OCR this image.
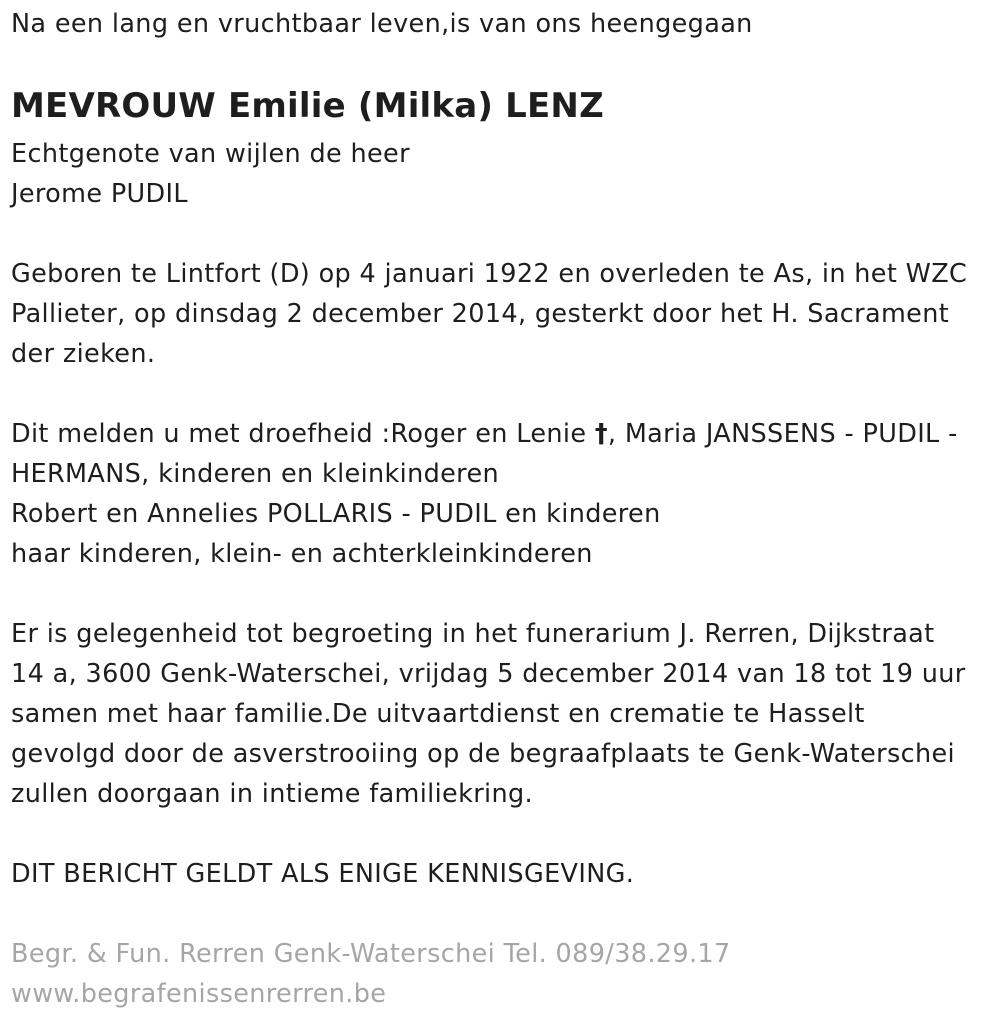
Na een lang en vruchtbaar leven,is van ons heengegaan

MEVROUW Emilie (Milka) LENZ

Echtgenote van wijlen de heer

Jerome PUDIL

Geboren te Lintfort (D) op 4 januari 1922 en overleden te As, in het WZC

Pallieter, op dinsdag 2 december 2014, gesterkt door het H. Sacrament

der zieken.

Dit melden u met droefheid :Roger en Lenie †, Maria JANSSENS - PUDIL -

HERMANS, kinderen en kleinkinderen

Robert en Annelies POLLARIS - PUDIL en kinderen

haar kinderen, klein- en achterkleinkinderen

Er is gelegenheid tot begroeting in het funerarium J. Rerren, Dijkstraat

14 a, 3600 Genk-Waterschei, vrijdag 5 december 2014 van 18 tot 19 uur

samen met haar familie.De uitvaartdienst en crematie te Hasselt

gevolgd door de asverstrooiing op de begraafplaats te Genk-Waterschei

zullen doorgaan in intieme familiekring.

DIT BERICHT GELDT ALS ENIGE KENNISGEVING.

Begr. & Fun. Rerren Genk-Waterschei Tel. 089/38.29.17

www.begrafenissenrerren.be
